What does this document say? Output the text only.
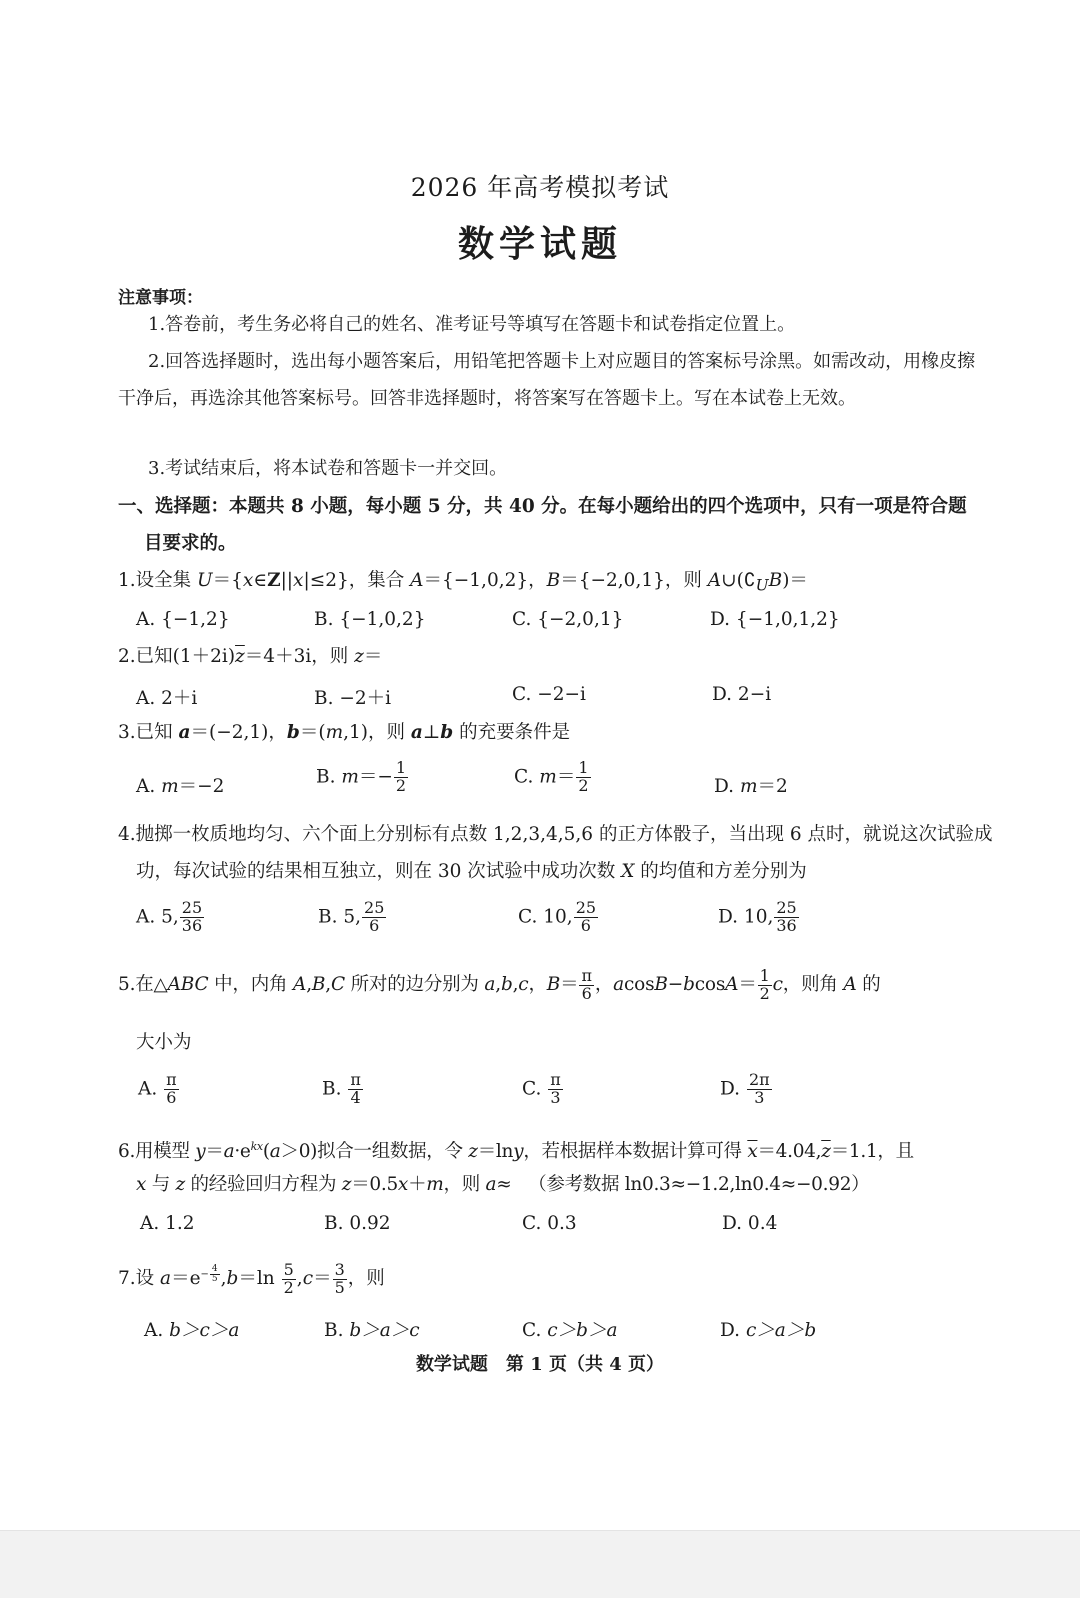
2026 年高考模拟考试
数学试题
注意事项：
1.答卷前，考生务必将自己的姓名、准考证号等填写在答题卡和试卷指定位置上。
2.回答选择题时，选出每小题答案后，用铅笔把答题卡上对应题目的答案标号涂黑。如需改动，用橡皮擦干净后，再选涂其他答案标号。回答非选择题时，将答案写在答题卡上。写在本试卷上无效。
3.考试结束后，将本试卷和答题卡一并交回。
一、选择题：本题共 8 小题，每小题 5 分，共 40 分。在每小题给出的四个选项中，只有一项是符合题目要求的。
1.设全集 U＝{x∈Z||x|≤2}，集合 A＝{−1,0,2}，B＝{−2,0,1}，则 $A\cup(∁_UB)=$
A. {−1,2}	B. {−1,0,2}	C. {−2,0,1}	D. {−1,0,1,2}
2.已知$(1+2i)\overline{z}=4+3i$，则 z＝
A. 2＋i	B. −2＋i	C. −2−i	D. 2−i
3.已知 a＝(−2,1)，b＝(m,1)，则 a⊥b 的充要条件是
A. m＝−2	B. $m=- \frac{1}{2}$	C. $m= \frac{1}{2}$	D. m＝2
4.抛掷一枚质地均匀、六个面上分别标有点数 1,2,3,4,5,6 的正方体骰子，当出现 6 点时，就说这次试验成功，每次试验的结果相互独立，则在 30 次试验中成功次数 X 的均值和方差分别为
A. 5, $\frac{25}{36}$	B. 5, $\frac{25}{6}$	C. 10, $\frac{25}{6}$	D. 10, $\frac{25}{36}$
5.在△ABC 中，内角 A,B,C 所对的边分别为 a,b,c，$B= \frac{\pi}{6}$ ，$acosB-bcosA= \frac{1}{2}$ c，则角 A 的
大小为
A. $\frac{\pi}{6}$	B. $\frac{\pi}{4}$	C. $\frac{\pi}{3}$	D. $\frac{2\pi}{3}$
6.用模型 $y=a\cdot e^{kx}(a>0)$拟合一组数据，令 z＝lny，若根据样本数据计算可得 $\overline{x}=4.04,\overline{z}=1.1$，且
x 与 z 的经验回归方程为 z＝0.5x＋m，则 a≈ （参考数据 ln0.3≈−1.2,ln0.4≈−0.92）
A. 1.2	B. 0.92	C. 0.3	D. 0.4
7.设 $a=e^{- \frac{4}{5}}$ $,b=\ln \frac{5}{2} ,c= \frac{3}{5}$ ，则
A. b＞c＞a	B. b＞a＞c	C. c＞b＞a	D. c＞a＞b
数学试题　第 1 页（共 4 页）
